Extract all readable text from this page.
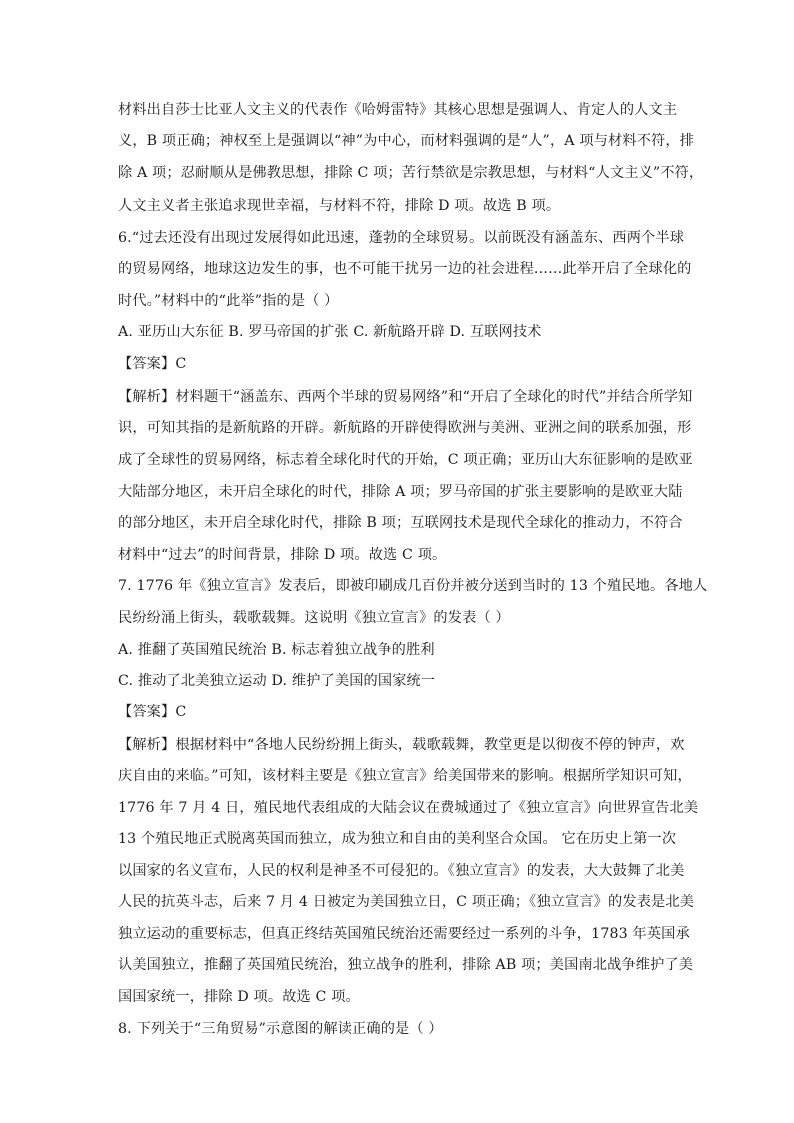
材料出自莎士比亚人文主义的代表作《哈姆雷特》其核心思想是强调人、肯定人的人文主
义，B 项正确；神权至上是强调以“神”为中心，而材料强调的是“人”，A 项与材料不符，排
除 A 项；忍耐顺从是佛教思想，排除 C 项；苦行禁欲是宗教思想，与材料“人文主义”不符，
人文主义者主张追求现世幸福，与材料不符，排除 D 项。故选 B 项。
6.“过去还没有出现过发展得如此迅速，蓬勃的全球贸易。以前既没有涵盖东、西两个半球
的贸易网络，地球这边发生的事，也不可能干扰另一边的社会进程……此举开启了全球化的
时代。”材料中的“此举”指的是（ ）
A. 亚历山大东征 B. 罗马帝国的扩张 C. 新航路开辟 D. 互联网技术
【答案】C
【解析】材料题干“涵盖东、西两个半球的贸易网络”和“开启了全球化的时代”并结合所学知
识，可知其指的是新航路的开辟。新航路的开辟使得欧洲与美洲、亚洲之间的联系加强，形
成了全球性的贸易网络，标志着全球化时代的开始，C 项正确；亚历山大东征影响的是欧亚
大陆部分地区，未开启全球化的时代，排除 A 项；罗马帝国的扩张主要影响的是欧亚大陆
的部分地区，未开启全球化时代，排除 B 项；互联网技术是现代全球化的推动力，不符合
材料中“过去”的时间背景，排除 D 项。故选 C 项。
7. 1776 年《独立宣言》发表后，即被印刷成几百份并被分送到当时的 13 个殖民地。各地人
民纷纷涌上街头，载歌载舞。这说明《独立宣言》的发表（ ）
A. 推翻了英国殖民统治 B. 标志着独立战争的胜利
C. 推动了北美独立运动 D. 维护了美国的国家统一
【答案】C
【解析】根据材料中“各地人民纷纷拥上街头，载歌载舞，教堂更是以彻夜不停的钟声，欢
庆自由的来临。”可知，该材料主要是《独立宣言》给美国带来的影响。根据所学知识可知，
1776 年 7 月 4 日，殖民地代表组成的大陆会议在费城通过了《独立宣言》向世界宣告北美
13 个殖民地正式脱离英国而独立，成为独立和自由的美利坚合众国。 它在历史上第一次
以国家的名义宣布，人民的权利是神圣不可侵犯的。《独立宣言》的发表，大大鼓舞了北美
人民的抗英斗志，后来 7 月 4 日被定为美国独立日，C 项正确；《独立宣言》的发表是北美
独立运动的重要标志，但真正终结英国殖民统治还需要经过一系列的斗争，1783 年英国承
认美国独立，推翻了英国殖民统治，独立战争的胜利，排除 AB 项；美国南北战争维护了美
国国家统一，排除 D 项。故选 C 项。
8. 下列关于“三角贸易”示意图的解读正确的是（ ）
